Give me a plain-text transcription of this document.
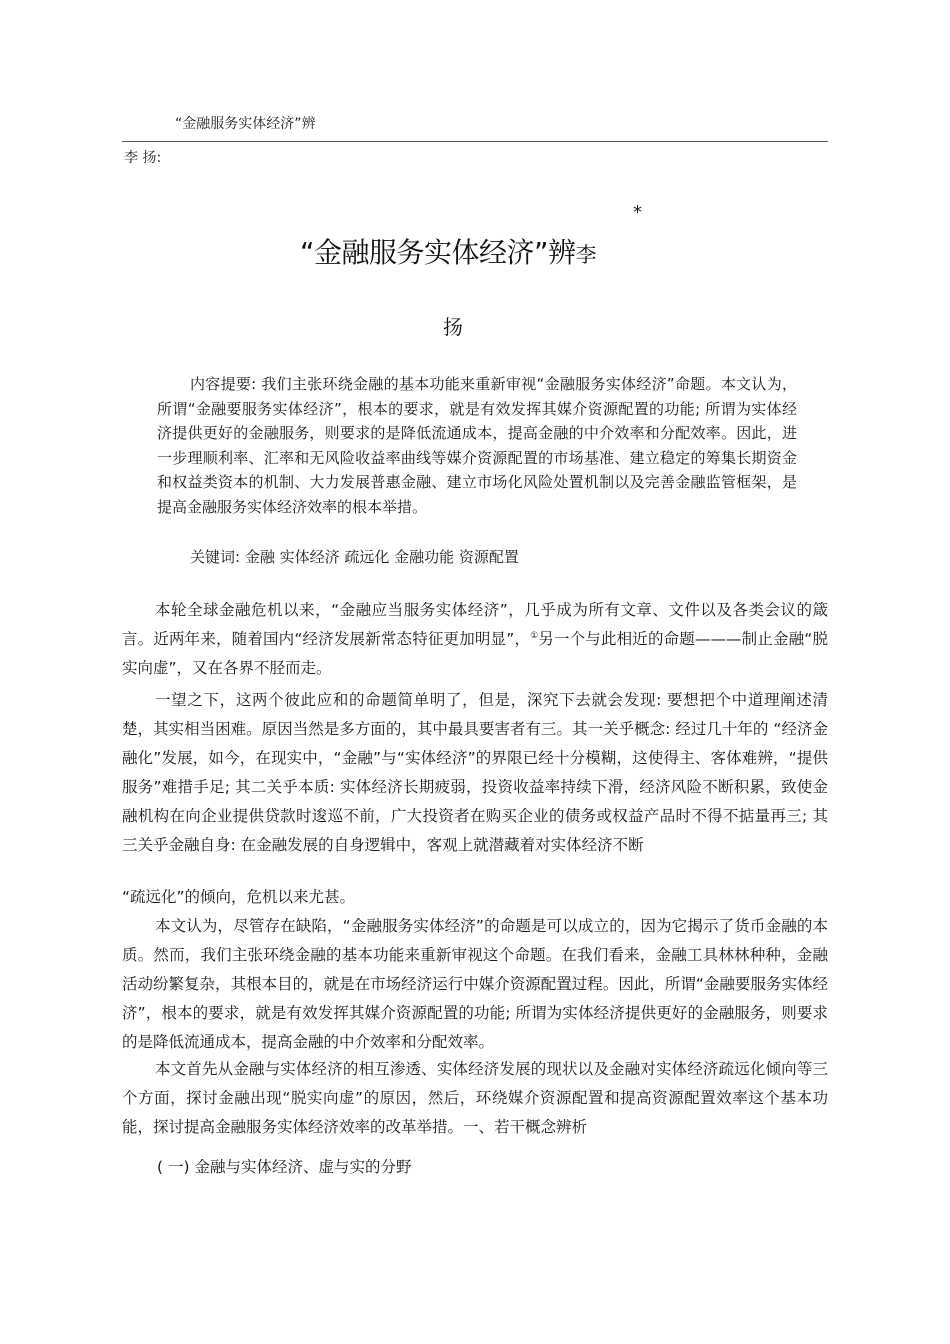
“金融服务实体经济”辨
李 扬:
*
“金融服务实体经济”辨李
扬

内容提要: 我们主张环绕金融的基本功能来重新审视“金融服务实体经济”命题。本文认为，所谓“金融要服务实体经济”，根本的要求，就是有效发挥其媒介资源配置的功能; 所谓为实体经济提供更好的金融服务，则要求的是降低流通成本，提高金融的中介效率和分配效率。因此，进一步理顺利率、汇率和无风险收益率曲线等媒介资源配置的市场基准、建立稳定的筹集长期资金和权益类资本的机制、大力发展普惠金融、建立市场化风险处置机制以及完善金融监管框架，是提高金融服务实体经济效率的根本举措。

关键词: 金融 实体经济 疏远化 金融功能 资源配置

本轮全球金融危机以来，“金融应当服务实体经济”，几乎成为所有文章、文件以及各类会议的箴言。近两年来，随着国内“经济发展新常态特征更加明显”，①另一个与此相近的命题———制止金融“脱实向虚”，又在各界不胫而走。

一望之下，这两个彼此应和的命题简单明了，但是，深究下去就会发现: 要想把个中道理阐述清楚，其实相当困难。原因当然是多方面的，其中最具要害者有三。其一关乎概念: 经过几十年的 “经济金融化”发展，如今，在现实中，“金融”与“实体经济”的界限已经十分模糊，这使得主、客体难辨，“提供服务”难措手足; 其二关乎本质: 实体经济长期疲弱，投资收益率持续下滑，经济风险不断积累，致使金融机构在向企业提供贷款时逡巡不前，广大投资者在购买企业的债务或权益产品时不得不掂量再三; 其三关乎金融自身: 在金融发展的自身逻辑中，客观上就潜藏着对实体经济不断

“疏远化”的倾向，危机以来尤甚。

本文认为，尽管存在缺陷，“金融服务实体经济”的命题是可以成立的，因为它揭示了货币金融的本质。然而，我们主张环绕金融的基本功能来重新审视这个命题。在我们看来，金融工具林林种种，金融活动纷繁复杂，其根本目的，就是在市场经济运行中媒介资源配置过程。因此，所谓“金融要服务实体经济”，根本的要求，就是有效发挥其媒介资源配置的功能; 所谓为实体经济提供更好的金融服务，则要求的是降低流通成本，提高金融的中介效率和分配效率。

本文首先从金融与实体经济的相互渗透、实体经济发展的现状以及金融对实体经济疏远化倾向等三个方面，探讨金融出现“脱实向虚”的原因，然后，环绕媒介资源配置和提高资源配置效率这个基本功能，探讨提高金融服务实体经济效率的改革举措。一、若干概念辨析

( 一) 金融与实体经济、虚与实的分野
